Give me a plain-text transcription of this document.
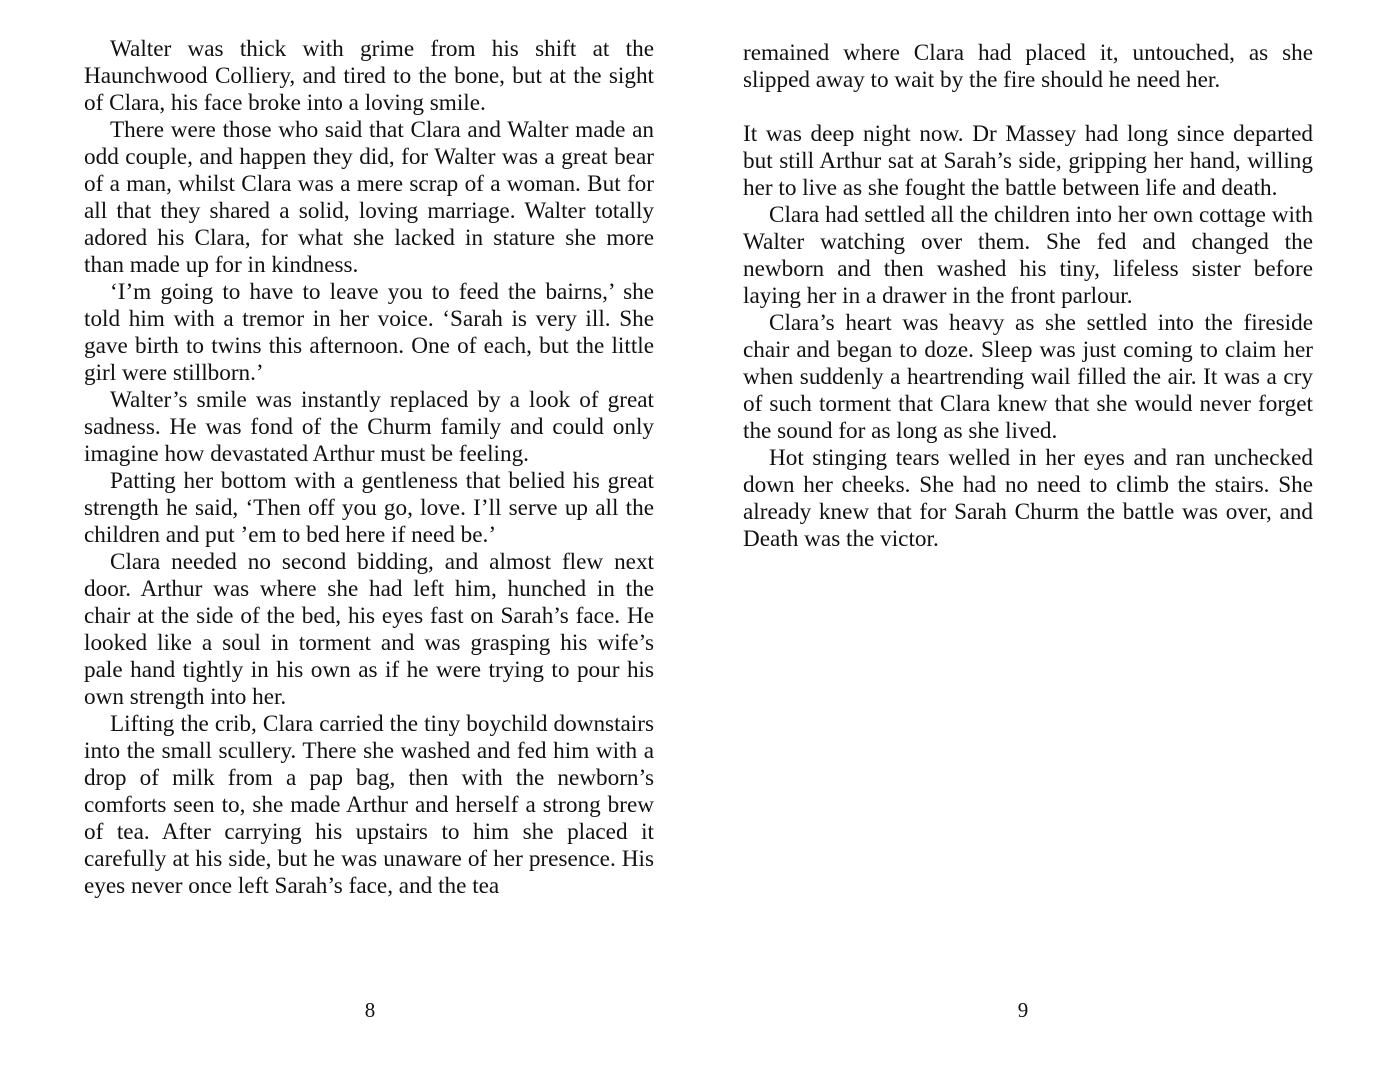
Walter was thick with grime from his shift at the Haunchwood Colliery, and tired to the bone, but at the sight of Clara, his face broke into a loving smile.

There were those who said that Clara and Walter made an odd couple, and happen they did, for Walter was a great bear of a man, whilst Clara was a mere scrap of a woman. But for all that they shared a solid, loving marriage. Walter totally adored his Clara, for what she lacked in stature she more than made up for in kindness.

‘I’m going to have to leave you to feed the bairns,’ she told him with a tremor in her voice. ‘Sarah is very ill. She gave birth to twins this afternoon. One of each, but the little girl were stillborn.’

Walter’s smile was instantly replaced by a look of great sadness. He was fond of the Churm family and could only imagine how devastated Arthur must be feeling.

Patting her bottom with a gentleness that belied his great strength he said, ‘Then off you go, love. I’ll serve up all the children and put ’em to bed here if need be.’

Clara needed no second bidding, and almost flew next door. Arthur was where she had left him, hunched in the chair at the side of the bed, his eyes fast on Sarah’s face. He looked like a soul in torment and was grasping his wife’s pale hand tightly in his own as if he were trying to pour his own strength into her.

Lifting the crib, Clara carried the tiny boychild downstairs into the small scullery. There she washed and fed him with a drop of milk from a pap bag, then with the newborn’s comforts seen to, she made Arthur and herself a strong brew of tea. After carrying his upstairs to him she placed it carefully at his side, but he was unaware of her presence. His eyes never once left Sarah’s face, and the tea

8

remained where Clara had placed it, untouched, as she slipped away to wait by the fire should he need her.

It was deep night now. Dr Massey had long since departed but still Arthur sat at Sarah’s side, gripping her hand, willing her to live as she fought the battle between life and death.

Clara had settled all the children into her own cottage with Walter watching over them. She fed and changed the newborn and then washed his tiny, lifeless sister before laying her in a drawer in the front parlour.

Clara’s heart was heavy as she settled into the fireside chair and began to doze. Sleep was just coming to claim her when suddenly a heartrending wail filled the air. It was a cry of such torment that Clara knew that she would never forget the sound for as long as she lived.

Hot stinging tears welled in her eyes and ran unchecked down her cheeks. She had no need to climb the stairs. She already knew that for Sarah Churm the battle was over, and Death was the victor.

9
